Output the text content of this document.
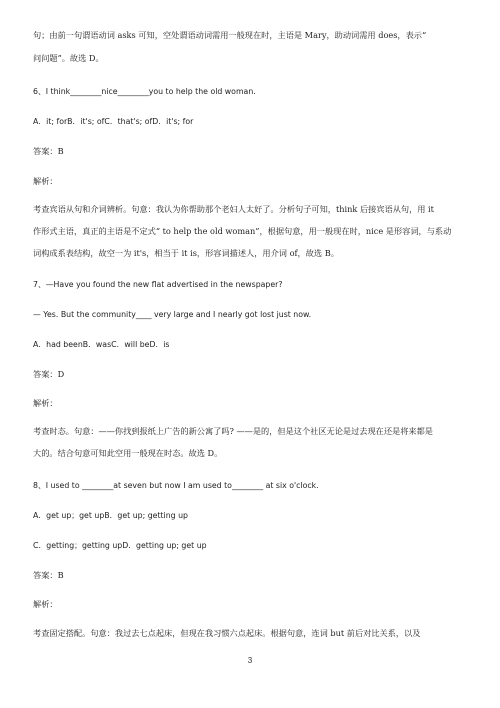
句；由前一句谓语动词 asks 可知，空处谓语动词需用一般现在时，主语是 Mary，助动词需用 does，表示“
问问题”。故选 D。
6、I think________nice________you to help the old woman.
A．it; forB．it's; ofC．that's; ofD．it's; for
答案：B
解析：
考查宾语从句和介词辨析。句意：我认为你帮助那个老妇人太好了。分析句子可知，think 后接宾语从句，用 it
作形式主语，真正的主语是不定式“ to help the old woman”，根据句意，用一般现在时，nice 是形容词，与系动
词构成系表结构，故空一为 it's，相当于 it is，形容词描述人，用介词 of，故选 B。
7、—Have you found the new flat advertised in the newspaper?
— Yes. But the community____ very large and I nearly got lost just now.
A．had beenB．wasC．will beD．is
答案：D
解析：
考查时态。句意：——你找到报纸上广告的新公寓了吗? ——是的，但是这个社区无论是过去现在还是将来都是
大的。结合句意可知此空用一般现在时态。故选 D。
8、I used to ________at seven but now I am used to________ at six o'clock.
A．get up；get upB．get up; getting up
C．getting；getting upD．getting up; get up
答案：B
解析：
考查固定搭配。句意：我过去七点起床，但现在我习惯六点起床。根据句意，连词 but 前后对比关系，以及
3
